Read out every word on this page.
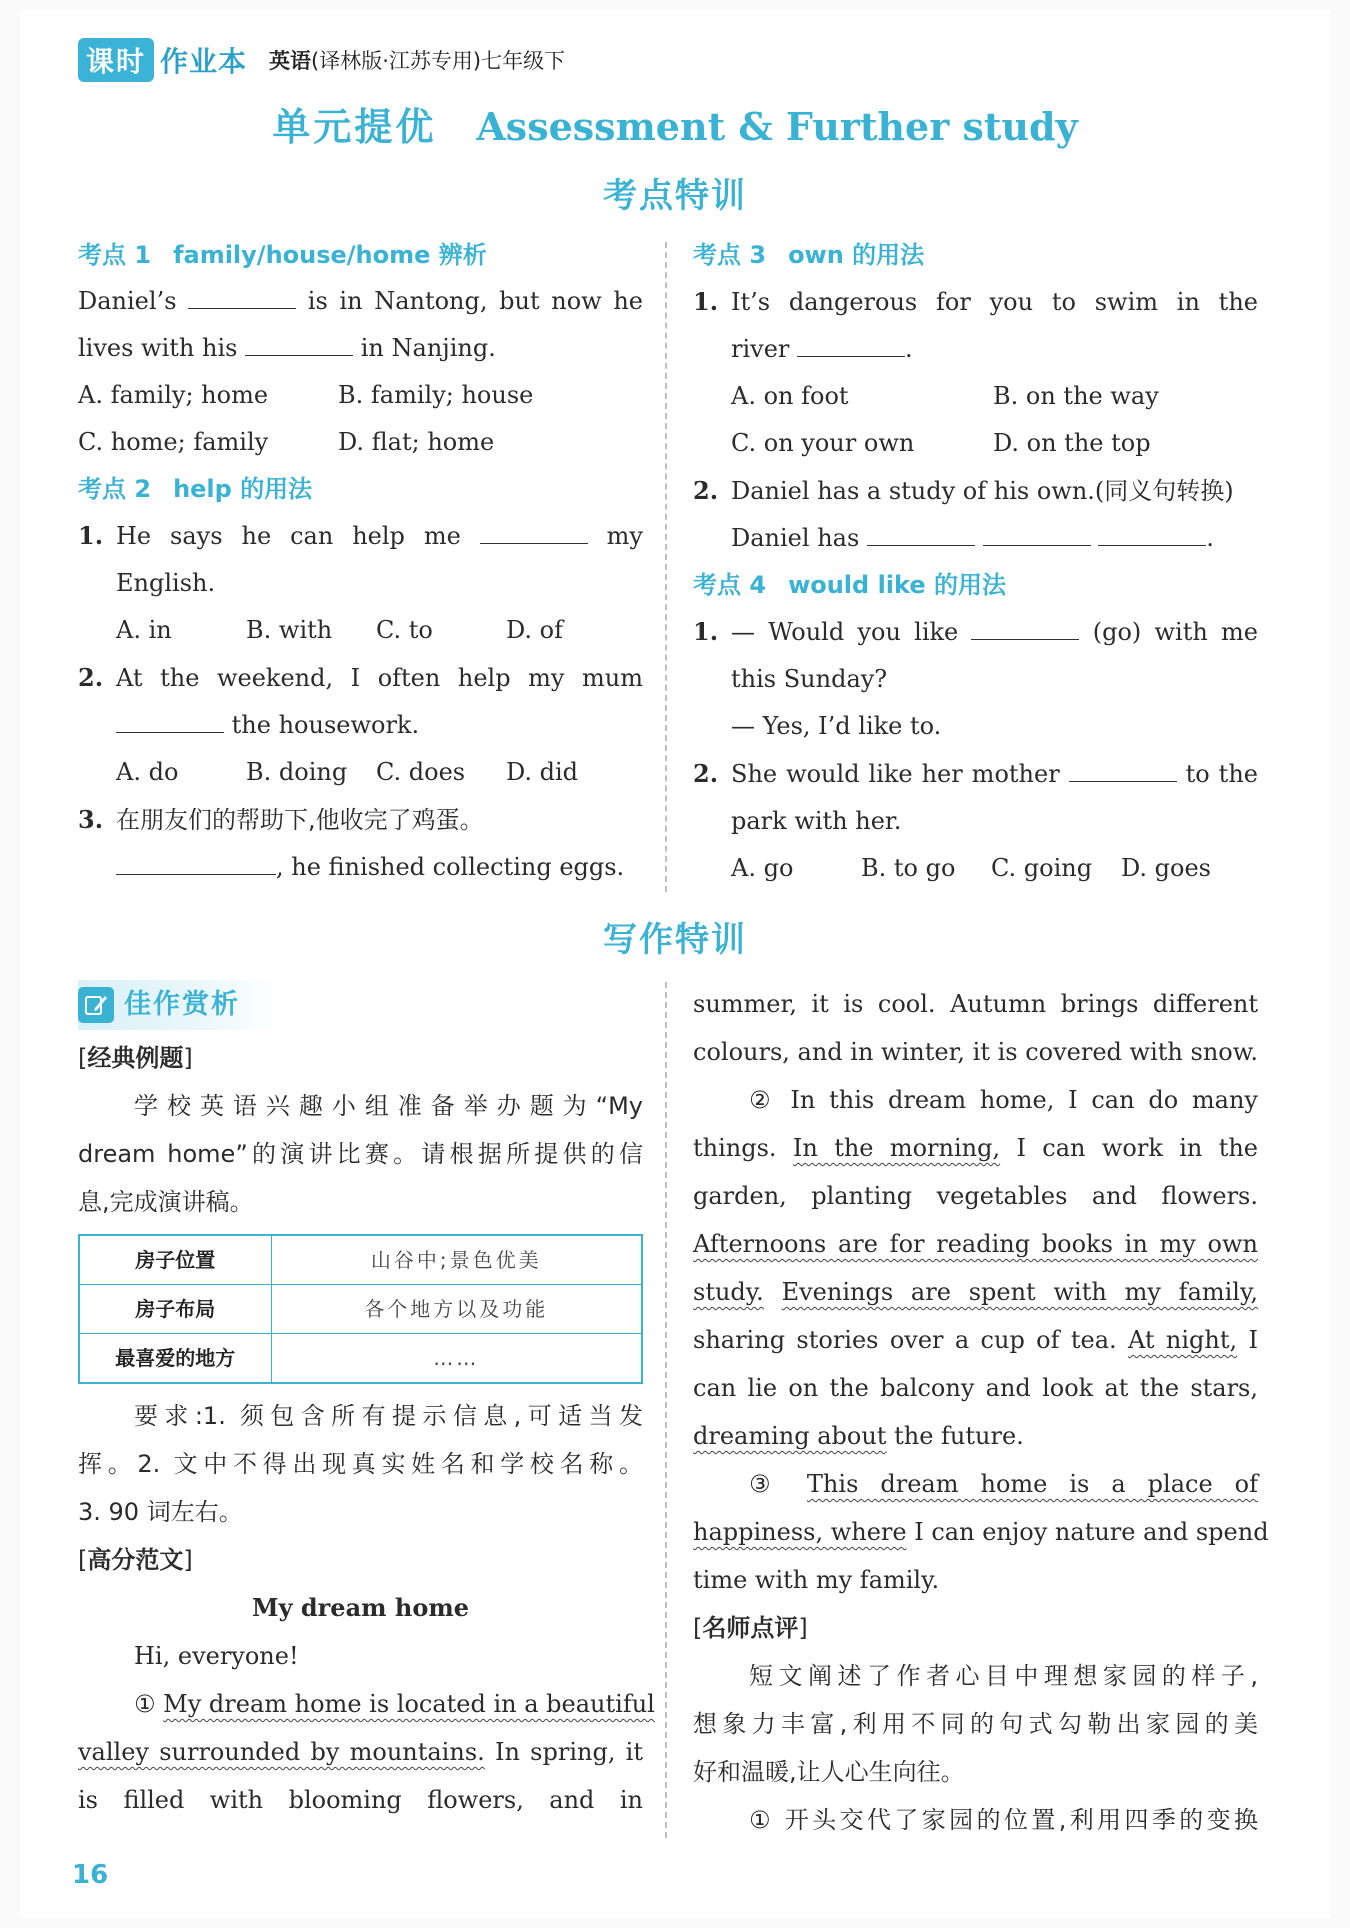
课时 作业本 英语(译林版·江苏专用)七年级下
单元提优 Assessment & Further study
考点特训
考点 1 family/house/home 辨析
Daniel’s	is in Nantong, but now he
lives with his	in Nanjing.
A. family; home	B. family; house
C. home; family	D. flat; home
考点 2 help 的用法
1. He says he can help me	my
English.
A. in	B. with C. to	D. of
2. At the weekend, I often help my mum
the housework.
A. do	B. doing C. does D. did
3. 在朋友们的帮助下,他收完了鸡蛋。
, he finished collecting eggs.
考点 3 own 的用法
1. It’s dangerous for you to swim in the
river	.
A. on foot	B. on the way
C. on your own	D. on the top
2. Daniel has a study of his own.(同义句转换)
Daniel has	.
考点 4 would like 的用法
1. — Would you like	(go) with me
this Sunday?
— Yes, I’d like to.
2. She would like her mother	to the
park with her.
A. go	B. to go C. going D. goes
写作特训
佳作赏析
[经典例题]
学校英语兴趣小组准备举办题为“My
dream home”的演讲比赛。请根据所提供的信
息,完成演讲稿。
房子位置	山谷中;景色优美
房子布局	各个地方以及功能
最喜爱的地方	……
要求:1. 须包含所有提示信息,可适当发
挥。2. 文中不得出现真实姓名和学校名称。
3. 90 词左右。
[高分范文]
My dream home
Hi, everyone!
① My dream home is located in a beautiful
valley surrounded by mountains. In spring, it
is filled with blooming flowers, and in
summer, it is cool. Autumn brings different
colours, and in winter, it is covered with snow.
② In this dream home, I can do many
things. In the morning, I can work in the
garden, planting vegetables and flowers.
Afternoons are for reading books in my own
study. Evenings are spent with my family,
sharing stories over a cup of tea. At night, I
can lie on the balcony and look at the stars,
dreaming about the future.
③ This dream home is a place of
happiness, where I can enjoy nature and spend
time with my family.
[名师点评]
短文阐述了作者心目中理想家园的样子,
想象力丰富,利用不同的句式勾勒出家园的美
好和温暖,让人心生向往。
① 开头交代了家园的位置,利用四季的变换
16
